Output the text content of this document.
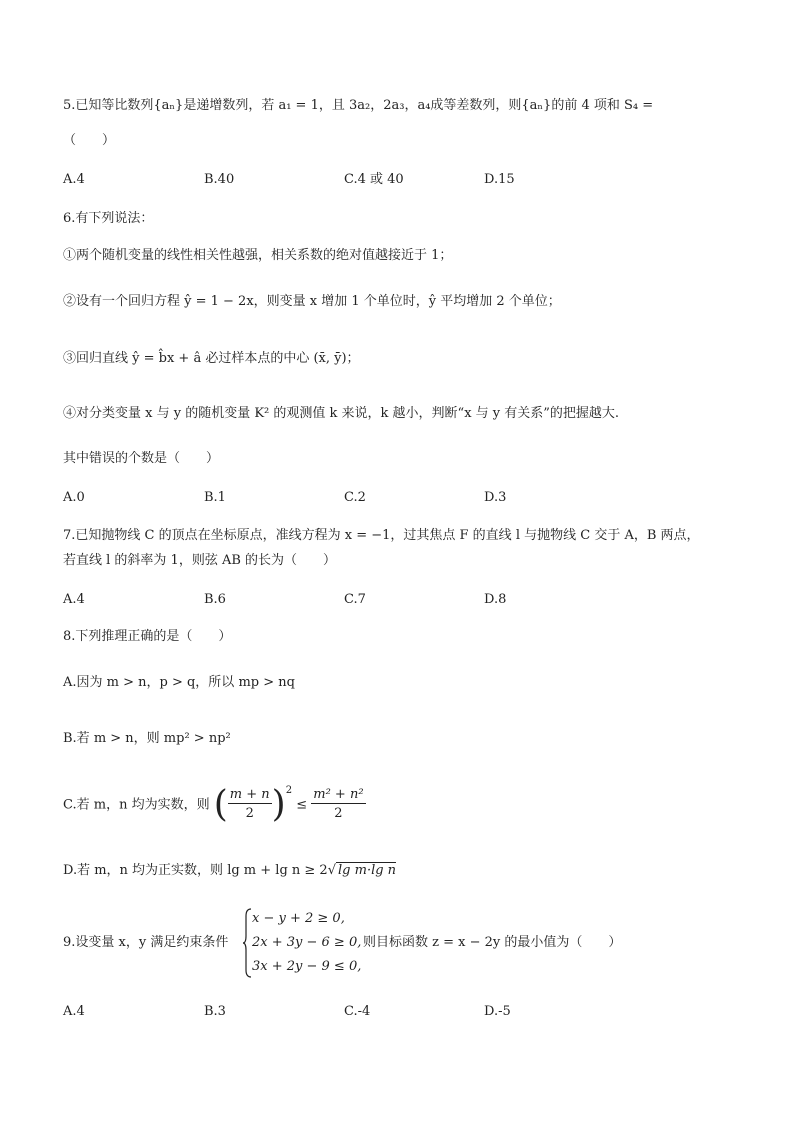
5.已知等比数列{aₙ}是递增数列，若 a₁ = 1，且 3a₂，2a₃，a₄成等差数列，则{aₙ}的前 4 项和 S₄ =
（　　）
A.4	B.40	C.4 或 40	D.15
6.有下列说法：
①两个随机变量的线性相关性越强，相关系数的绝对值越接近于 1；
②设有一个回归方程 ŷ = 1 − 2x，则变量 x 增加 1 个单位时，ŷ 平均增加 2 个单位；
③回归直线 ŷ = b̂x + â 必过样本点的中心 (x̄, ȳ)；
④对分类变量 x 与 y 的随机变量 K² 的观测值 k 来说，k 越小，判断“x 与 y 有关系”的把握越大.
其中错误的个数是（　　）
A.0	B.1	C.2	D.3
7.已知抛物线 C 的顶点在坐标原点，准线方程为 x = −1，过其焦点 F 的直线 l 与抛物线 C 交于 A，B 两点，
若直线 l 的斜率为 1，则弦 AB 的长为（　　）
A.4	B.6	C.7	D.8
8.下列推理正确的是（　　）
A.因为 m > n，p > q，所以 mp > nq
B.若 m > n，则 mp² > np²
C.若 m，n 均为实数，则 ( $\frac{m + n}{2} )^2 \le \frac{\text{m² + n²}}{2}$
D.若 m，n 均为正实数，则 lg m + lg n ≥ 2√ lg m·lg n
9.设变量 x，y 满足约束条件
x − y + 2 ≥ 0,
2x + 3y − 6 ≥ 0,
3x + 2y − 9 ≤ 0,
则目标函数 z = x − 2y 的最小值为（　　）
A.4	B.3	C.-4	D.-5
